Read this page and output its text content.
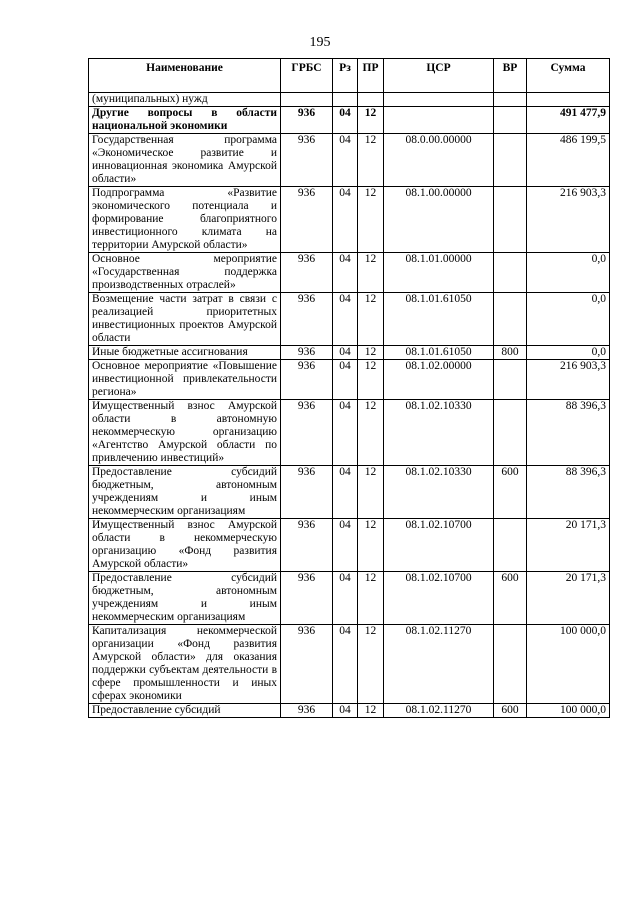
195
Наименование	ГРБС	Рз	ПР	ЦСР	ВР	Сумма
(муниципальных) нужд						
Другие вопросы в области национальной экономики	936	04	12			491 477,9
Государственная программа «Экономическое развитие и инновационная экономика Амурской области»	936	04	12	08.0.00.00000		486 199,5
Подпрограмма «Развитие экономического потенциала и формирование благоприятного инвестиционного климата на территории Амурской области»	936	04	12	08.1.00.00000		216 903,3
Основное мероприятие «Государственная поддержка производственных отраслей»	936	04	12	08.1.01.00000		0,0
Возмещение части затрат в связи с реализацией приоритетных инвестиционных проектов Амурской области	936	04	12	08.1.01.61050		0,0
Иные бюджетные ассигнования	936	04	12	08.1.01.61050	800	0,0
Основное мероприятие «Повышение инвестиционной привлекательности региона»	936	04	12	08.1.02.00000		216 903,3
Имущественный взнос Амурской области в автономную некоммерческую организацию «Агентство Амурской области по привлечению инвестиций»	936	04	12	08.1.02.10330		88 396,3
Предоставление субсидий бюджетным, автономным учреждениям и иным некоммерческим организациям	936	04	12	08.1.02.10330	600	88 396,3
Имущественный взнос Амурской области в некоммерческую организацию «Фонд развития Амурской области»	936	04	12	08.1.02.10700		20 171,3
Предоставление субсидий бюджетным, автономным учреждениям и иным некоммерческим организациям	936	04	12	08.1.02.10700	600	20 171,3
Капитализация некоммерческой организации «Фонд развития Амурской области» для оказания поддержки субъектам деятельности в сфере промышленности и иных сферах экономики	936	04	12	08.1.02.11270		100 000,0
Предоставление субсидий	936	04	12	08.1.02.11270	600	100 000,0
